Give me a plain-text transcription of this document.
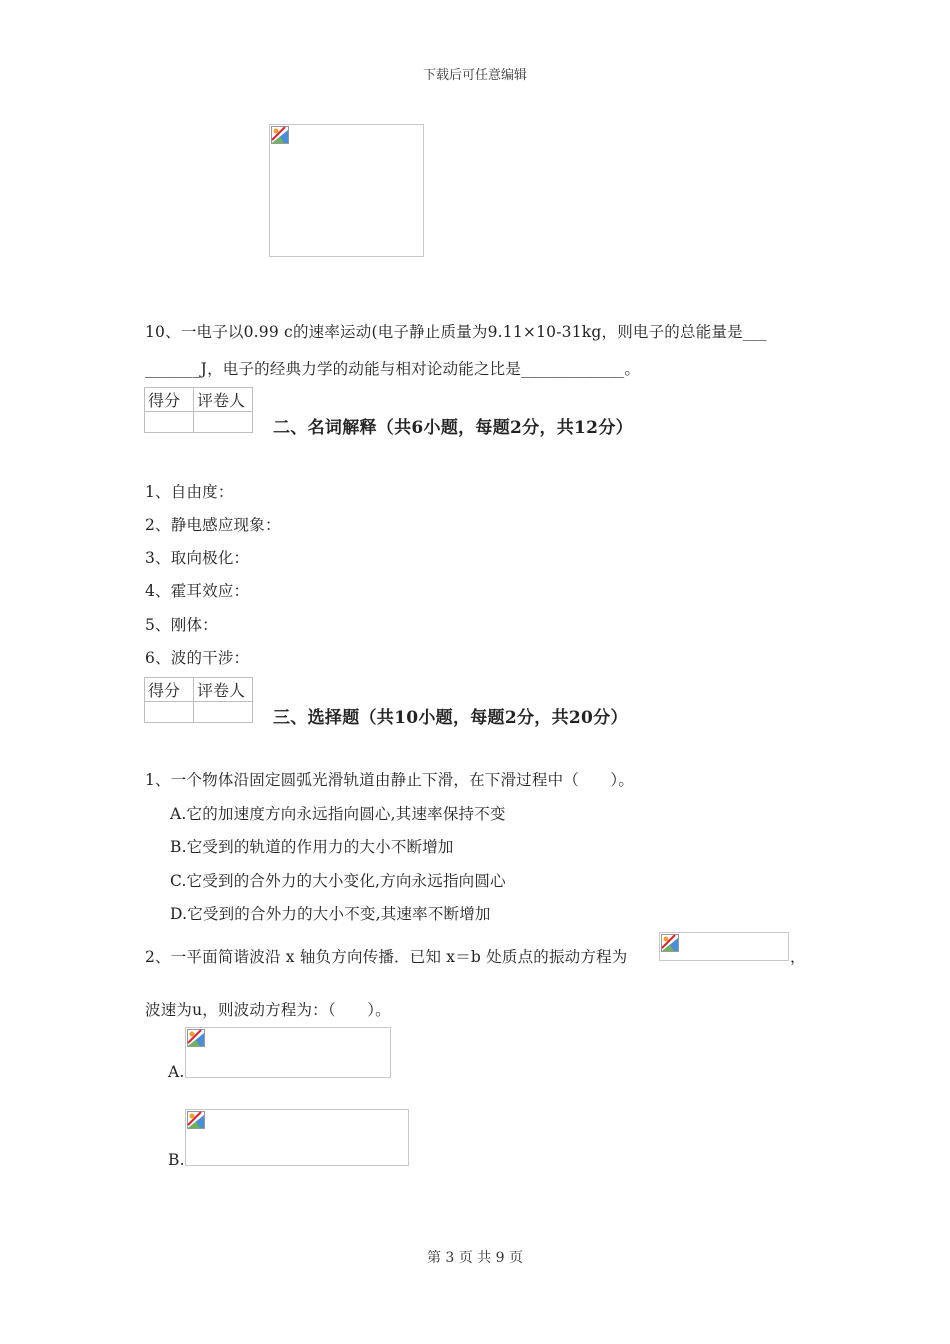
下载后可任意编辑
10、一电子以0.99 c的速率运动(电子静止质量为9.11×10-31kg，则电子的总能量是___
_______J，电子的经典力学的动能与相对论动能之比是_____________。
得分	评卷人

二、名词解释（共6小题，每题2分，共12分）
1、自由度：
2、静电感应现象：
3、取向极化：
4、霍耳效应：
5、刚体：
6、波的干涉：
得分	评卷人

三、选择题（共10小题，每题2分，共20分）
1、一个物体沿固定圆弧光滑轨道由静止下滑，在下滑过程中（　　）。
A.它的加速度方向永远指向圆心,其速率保持不变
B.它受到的轨道的作用力的大小不断增加
C.它受到的合外力的大小变化,方向永远指向圆心
D.它受到的合外力的大小不变,其速率不断增加
2、一平面简谐波沿 x 轴负方向传播．已知 x＝b 处质点的振动方程为	，
波速为u，则波动方程为：（　　）。
A.
B.
第 3 页 共 9 页
